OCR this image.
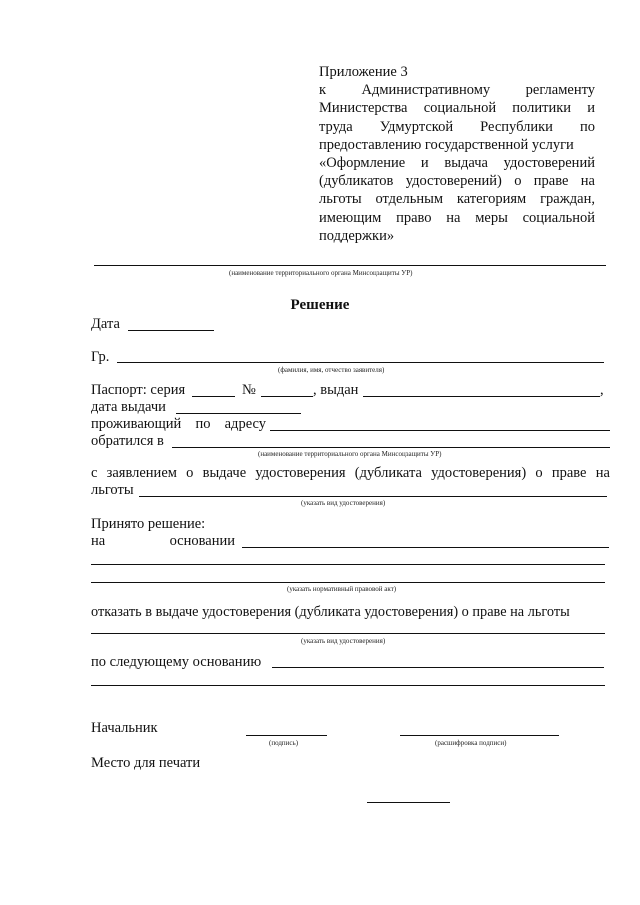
Приложение 3
к Административному регламенту
Министерства социальной политики и
труда Удмуртской Республики по
предоставлению государственной услуги
«Оформление и выдача удостоверений
(дубликатов удостоверений) о праве на
льготы отдельным категориям граждан,
имеющим право на меры социальной
поддержки»
(наименование территориального органа Минсоцзащиты УР)
Решение
Дата
Гр.
(фамилия, имя, отчество заявителя)
Паспорт: серия	№	, выдан	,
дата выдачи
проживающий по адресу
обратился в
(наименование территориального органа Минсоцзащиты УР)
с заявлением о выдаче удостоверения (дубликата удостоверения) о праве на
льготы
(указать вид удостоверения)
Принято решение:
на	основании
(указать нормативный правовой акт)
отказать в выдаче удостоверения (дубликата удостоверения) о праве на льготы
(указать вид удостоверения)
по следующему основанию
Начальник
(подпись)	(расшифровка подписи)
Место для печати
